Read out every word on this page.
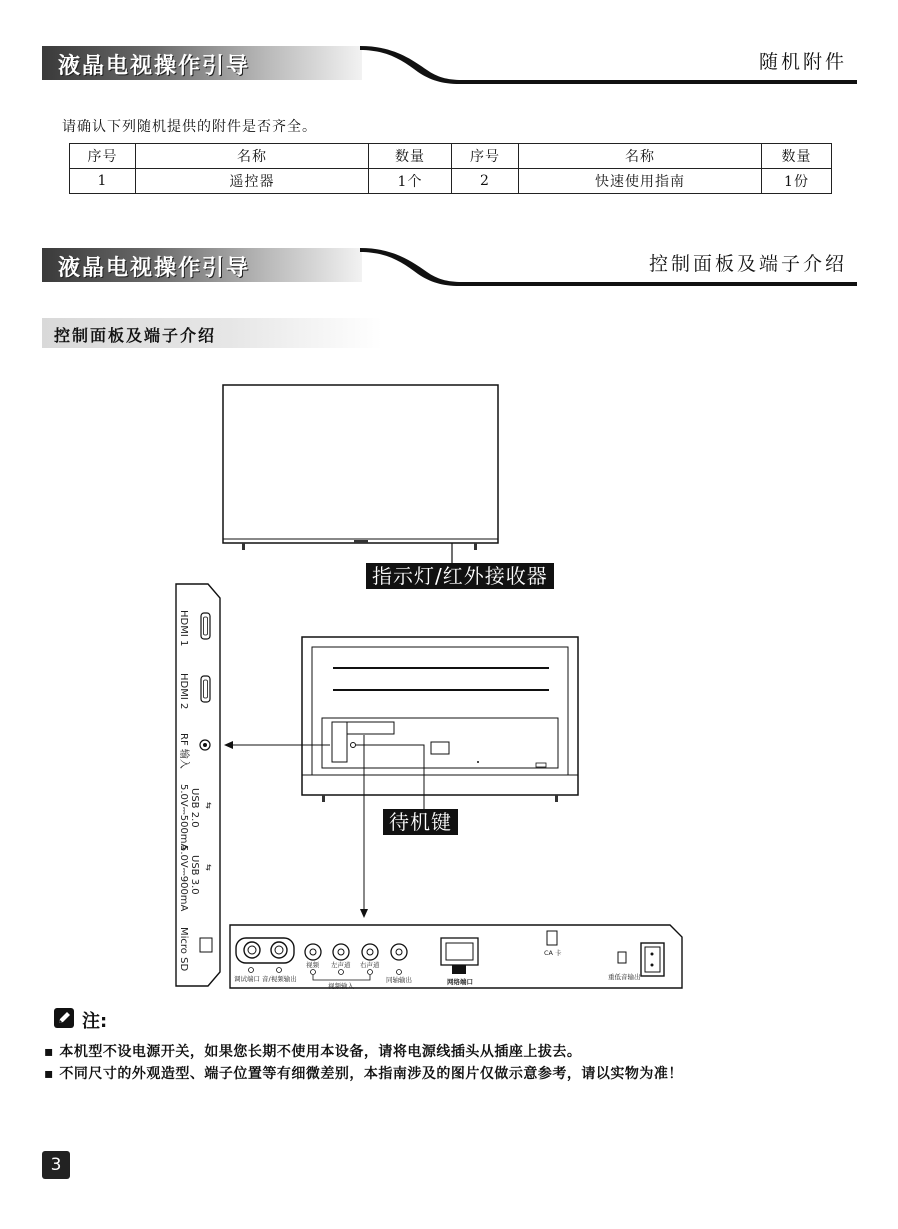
液晶电视操作引导	随机附件
请确认下列随机提供的附件是否齐全。
序号	名称	数量	序号	名称	数量
1	遥控器	1个	2	快速使用指南	1份
液晶电视操作引导	控制面板及端子介绍
控制面板及端子介绍
⇆
⇆
HDMI 1
HDMI 2
RF 输入
USB 2.0
5.0V⎓500mA
USB 3.0
5.0V⎓900mA
Micro SD
调试端口 音/视频输出
视频 左声道 右声道
视频输入
同轴输出	网络端口
CA 卡
重低音输出
指示灯/红外接收器
待机键
注:
▪ 本机型不设电源开关，如果您长期不使用本设备，请将电源线插头从插座上拔去。
▪ 不同尺寸的外观造型、端子位置等有细微差别，本指南涉及的图片仅做示意参考，请以实物为准！
3
